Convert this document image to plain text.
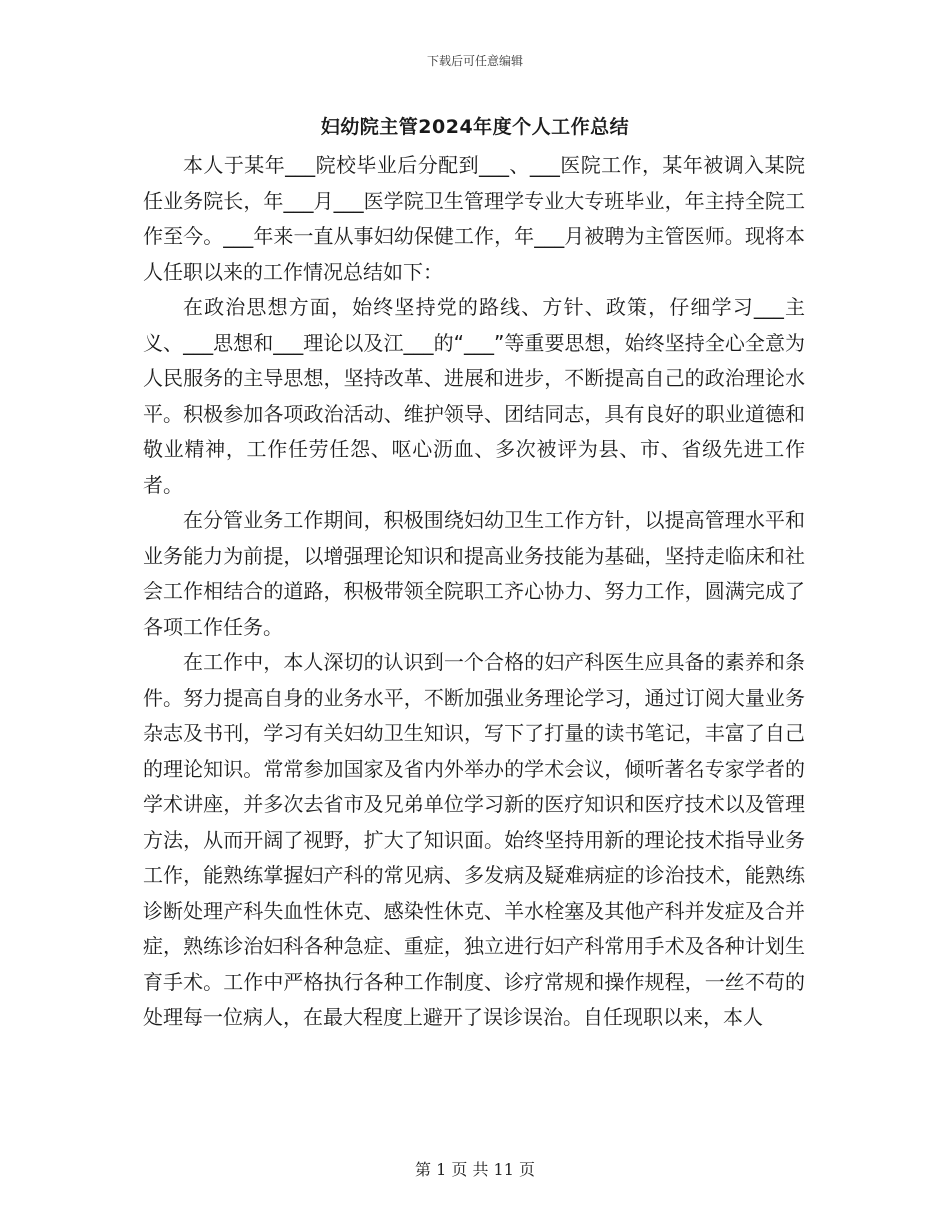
下载后可任意编辑
妇幼院主管2024年度个人工作总结

本人于某年___院校毕业后分配到___、___医院工作，某年被调入某院任业务院长，年___月___医学院卫生管理学专业大专班毕业，年主持全院工作至今。___年来一直从事妇幼保健工作，年___月被聘为主管医师。现将本人任职以来的工作情况总结如下：

在政治思想方面，始终坚持党的路线、方针、政策，仔细学习___主义、___思想和___理论以及江___的“___”等重要思想，始终坚持全心全意为人民服务的主导思想，坚持改革、进展和进步，不断提高自己的政治理论水平。积极参加各项政治活动、维护领导、团结同志，具有良好的职业道德和敬业精神，工作任劳任怨、呕心沥血、多次被评为县、市、省级先进工作者。

在分管业务工作期间，积极围绕妇幼卫生工作方针，以提高管理水平和业务能力为前提，以增强理论知识和提高业务技能为基础，坚持走临床和社会工作相结合的道路，积极带领全院职工齐心协力、努力工作，圆满完成了各项工作任务。

在工作中，本人深切的认识到一个合格的妇产科医生应具备的素养和条件。努力提高自身的业务水平，不断加强业务理论学习，通过订阅大量业务杂志及书刊，学习有关妇幼卫生知识，写下了打量的读书笔记，丰富了自己的理论知识。常常参加国家及省内外举办的学术会议，倾听著名专家学者的学术讲座，并多次去省市及兄弟单位学习新的医疗知识和医疗技术以及管理方法，从而开阔了视野，扩大了知识面。始终坚持用新的理论技术指导业务工作，能熟练掌握妇产科的常见病、多发病及疑难病症的诊治技术，能熟练诊断处理产科失血性休克、感染性休克、羊水栓塞及其他产科并发症及合并症，熟练诊治妇科各种急症、重症，独立进行妇产科常用手术及各种计划生育手术。工作中严格执行各种工作制度、诊疗常规和操作规程，一丝不苟的处理每一位病人，在最大程度上避开了误诊误治。自任现职以来，本人

第 1 页 共 11 页
